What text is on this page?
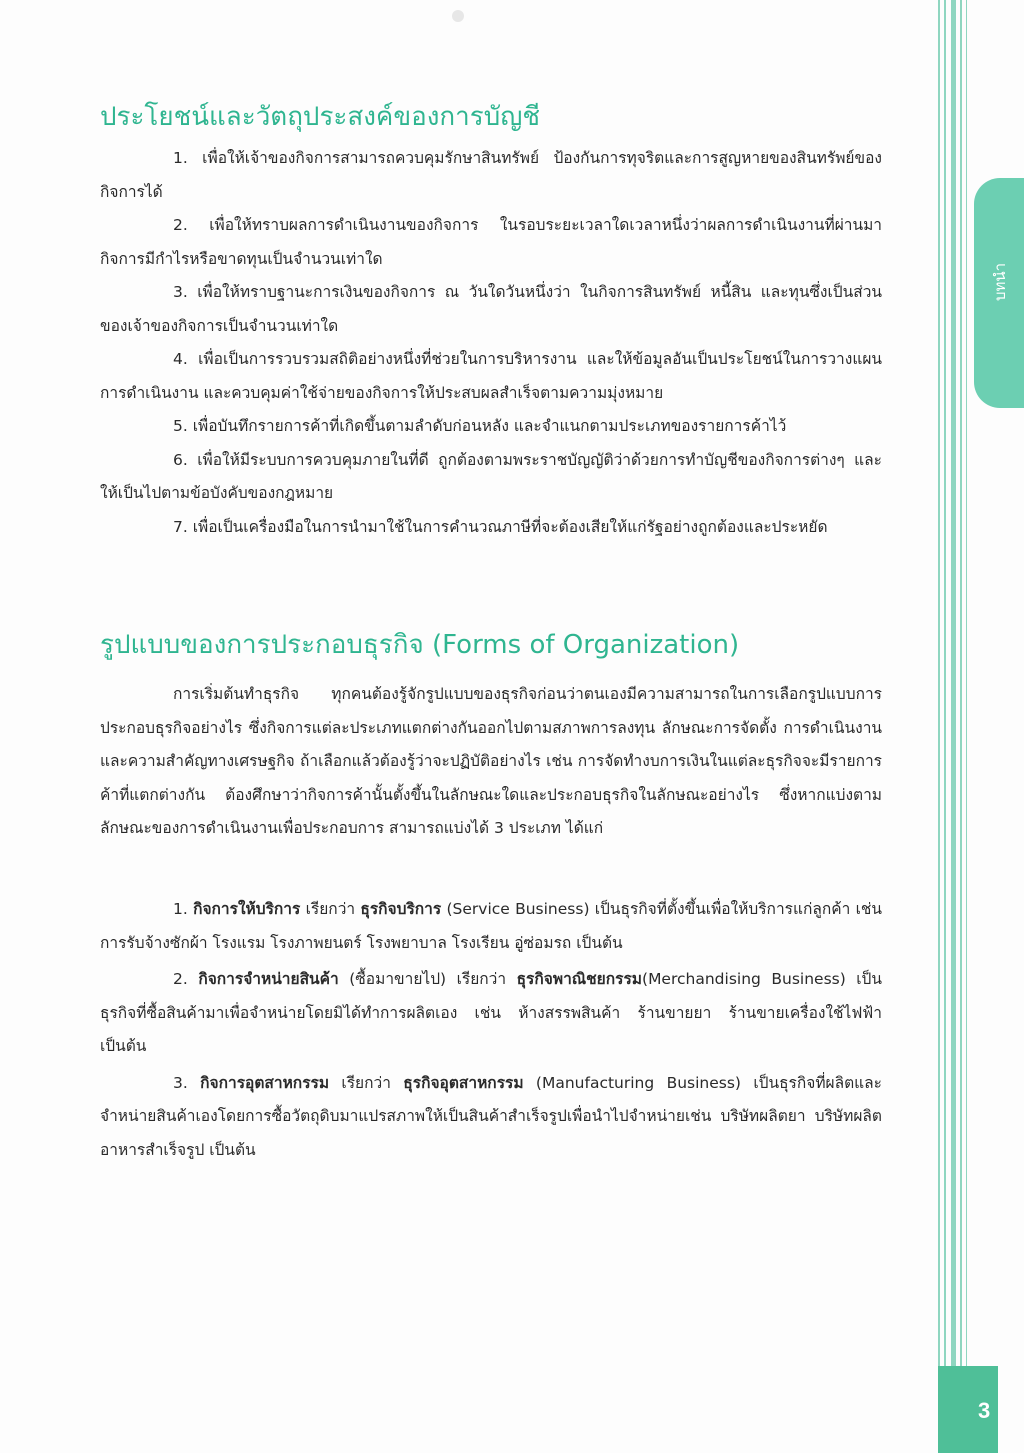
บทนำ
3
ประโยชน์และวัตถุประสงค์ของการบัญชี

1. เพื่อให้เจ้าของกิจการสามารถควบคุมรักษาสินทรัพย์ ป้องกันการทุจริตและการสูญหายของสินทรัพย์ของกิจการได้

2. เพื่อให้ทราบผลการดำเนินงานของกิจการ ในรอบระยะเวลาใดเวลาหนึ่งว่าผลการดำเนินงานที่ผ่านมากิจการมีกำไรหรือขาดทุนเป็นจำนวนเท่าใด

3. เพื่อให้ทราบฐานะการเงินของกิจการ ณ วันใดวันหนึ่งว่า ในกิจการสินทรัพย์ หนี้สิน และทุนซึ่งเป็นส่วนของเจ้าของกิจการเป็นจำนวนเท่าใด

4. เพื่อเป็นการรวบรวมสถิติอย่างหนึ่งที่ช่วยในการบริหารงาน และให้ข้อมูลอันเป็นประโยชน์ในการวางแผนการดำเนินงาน และควบคุมค่าใช้จ่ายของกิจการให้ประสบผลสำเร็จตามความมุ่งหมาย

5. เพื่อบันทึกรายการค้าที่เกิดขึ้นตามลำดับก่อนหลัง และจำแนกตามประเภทของรายการค้าไว้

6. เพื่อให้มีระบบการควบคุมภายในที่ดี ถูกต้องตามพระราชบัญญัติว่าด้วยการทำบัญชีของกิจการต่างๆ และให้เป็นไปตามข้อบังคับของกฎหมาย

7. เพื่อเป็นเครื่องมือในการนำมาใช้ในการคำนวณภาษีที่จะต้องเสียให้แก่รัฐอย่างถูกต้องและประหยัด

รูปแบบของการประกอบธุรกิจ (Forms of Organization)

การเริ่มต้นทำธุรกิจ ทุกคนต้องรู้จักรูปแบบของธุรกิจก่อนว่าตนเองมีความสามารถในการเลือกรูปแบบการประกอบธุรกิจอย่างไร ซึ่งกิจการแต่ละประเภทแตกต่างกันออกไปตามสภาพการลงทุน ลักษณะการจัดตั้ง การดำเนินงาน และความสำคัญทางเศรษฐกิจ ถ้าเลือกแล้วต้องรู้ว่าจะปฏิบัติอย่างไร เช่น การจัดทำงบการเงินในแต่ละธุรกิจจะมีรายการค้าที่แตกต่างกัน ต้องศึกษาว่ากิจการค้านั้นตั้งขึ้นในลักษณะใดและประกอบธุรกิจในลักษณะอย่างไร ซึ่งหากแบ่งตามลักษณะของการดำเนินงานเพื่อประกอบการ สามารถแบ่งได้ 3 ประเภท ได้แก่

1. กิจการให้บริการ เรียกว่า ธุรกิจบริการ (Service Business) เป็นธุรกิจที่ตั้งขึ้นเพื่อให้บริการแก่ลูกค้า เช่น การรับจ้างซักผ้า โรงแรม โรงภาพยนตร์ โรงพยาบาล โรงเรียน อู่ซ่อมรถ เป็นต้น

2. กิจการจำหน่ายสินค้า (ซื้อมาขายไป) เรียกว่า ธุรกิจพาณิชยกรรม(Merchandising Business) เป็นธุรกิจที่ซื้อสินค้ามาเพื่อจำหน่ายโดยมิได้ทำการผลิตเอง เช่น ห้างสรรพสินค้า ร้านขายยา ร้านขายเครื่องใช้ไฟฟ้า เป็นต้น

3. กิจการอุตสาหกรรม เรียกว่า ธุรกิจอุตสาหกรรม (Manufacturing Business) เป็นธุรกิจที่ผลิตและจำหน่ายสินค้าเองโดยการซื้อวัตถุดิบมาแปรสภาพให้เป็นสินค้าสำเร็จรูปเพื่อนำไปจำหน่ายเช่น บริษัทผลิตยา บริษัทผลิตอาหารสำเร็จรูป เป็นต้น
